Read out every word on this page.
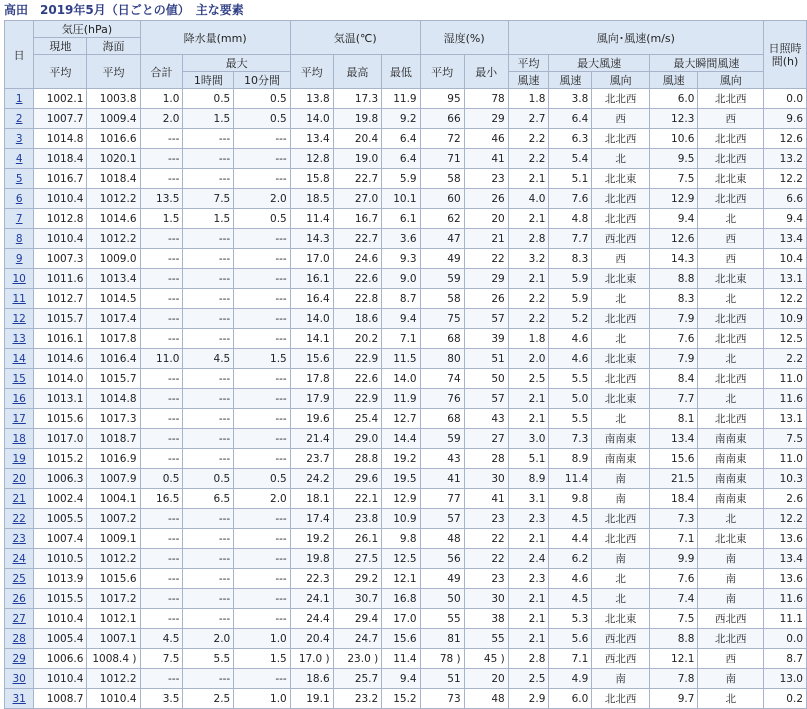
高田　2019年5月（日ごとの値）　主な要素
日	気圧(hPa)		降水量(mm)			気温(℃)			湿度(%)		風向･風速(m/s)					日照時間(h)
	現地	海面														
	平均	平均	合計	最大		平均	最高	最低	平均	最小	平均	最大風速		最大瞬間風速		
				1時間	10分間						風速	風速	風向	風速	風向	
1	1002.1	1003.8	1.0	0.5	0.5	13.8	17.3	11.9	95	78	1.8	3.8	北北西	6.0	北北西	0.0
2	1007.7	1009.4	2.0	1.5	0.5	14.0	19.8	9.2	66	29	2.7	6.4	西	12.3	西	9.6
3	1014.8	1016.6	---	---	---	13.4	20.4	6.4	72	46	2.2	6.3	北北西	10.6	北北西	12.6
4	1018.4	1020.1	---	---	---	12.8	19.0	6.4	71	41	2.2	5.4	北	9.5	北北西	13.2
5	1016.7	1018.4	---	---	---	15.8	22.7	5.9	58	23	2.1	5.1	北北東	7.5	北北東	12.2
6	1010.4	1012.2	13.5	7.5	2.0	18.5	27.0	10.1	60	26	4.0	7.6	北北西	12.9	北北西	6.6
7	1012.8	1014.6	1.5	1.5	0.5	11.4	16.7	6.1	62	20	2.1	4.8	北北西	9.4	北	9.4
8	1010.4	1012.2	---	---	---	14.3	22.7	3.6	47	21	2.8	7.7	西北西	12.6	西	13.4
9	1007.3	1009.0	---	---	---	17.0	24.6	9.3	49	22	3.2	8.3	西	14.3	西	10.4
10	1011.6	1013.4	---	---	---	16.1	22.6	9.0	59	29	2.1	5.9	北北東	8.8	北北東	13.1
11	1012.7	1014.5	---	---	---	16.4	22.8	8.7	58	26	2.2	5.9	北	8.3	北	12.2
12	1015.7	1017.4	---	---	---	14.0	18.6	9.4	75	57	2.2	5.2	北北西	7.9	北北西	10.9
13	1016.1	1017.8	---	---	---	14.1	20.2	7.1	68	39	1.8	4.6	北	7.6	北北西	12.5
14	1014.6	1016.4	11.0	4.5	1.5	15.6	22.9	11.5	80	51	2.0	4.6	北北東	7.9	北	2.2
15	1014.0	1015.7	---	---	---	17.8	22.6	14.0	74	50	2.5	5.5	北北西	8.4	北北西	11.0
16	1013.1	1014.8	---	---	---	17.9	22.9	11.9	76	57	2.1	5.0	北北東	7.7	北	11.6
17	1015.6	1017.3	---	---	---	19.6	25.4	12.7	68	43	2.1	5.5	北	8.1	北北西	13.1
18	1017.0	1018.7	---	---	---	21.4	29.0	14.4	59	27	3.0	7.3	南南東	13.4	南南東	7.5
19	1015.2	1016.9	---	---	---	23.7	28.8	19.2	43	28	5.1	8.9	南南東	15.6	南南東	11.0
20	1006.3	1007.9	0.5	0.5	0.5	24.2	29.6	19.5	41	30	8.9	11.4	南	21.5	南南東	10.3
21	1002.4	1004.1	16.5	6.5	2.0	18.1	22.1	12.9	77	41	3.1	9.8	南	18.4	南南東	2.6
22	1005.5	1007.2	---	---	---	17.4	23.8	10.9	57	23	2.3	4.5	北北西	7.3	北	12.2
23	1007.4	1009.1	---	---	---	19.2	26.1	9.8	48	22	2.1	4.4	北北西	7.1	北北東	13.6
24	1010.5	1012.2	---	---	---	19.8	27.5	12.5	56	22	2.4	6.2	南	9.9	南	13.4
25	1013.9	1015.6	---	---	---	22.3	29.2	12.1	49	23	2.3	4.6	北	7.6	南	13.6
26	1015.5	1017.2	---	---	---	24.1	30.7	16.8	50	30	2.1	4.5	北	7.4	南	11.6
27	1010.4	1012.1	---	---	---	24.4	29.4	17.0	55	38	2.1	5.3	北北東	7.5	西北西	11.1
28	1005.4	1007.1	4.5	2.0	1.0	20.4	24.7	15.6	81	55	2.1	5.6	西北西	8.8	北北西	0.0
29	1006.6	1008.4 )	7.5	5.5	1.5	17.0 )	23.0 )	11.4	78 )	45 )	2.8	7.1	西北西	12.1	西	8.7
30	1010.4	1012.2	---	---	---	18.6	25.7	9.4	51	20	2.5	4.9	南	7.8	南	13.0
31	1008.7	1010.4	3.5	2.5	1.0	19.1	23.2	15.2	73	48	2.9	6.0	北北西	9.7	北	0.2
